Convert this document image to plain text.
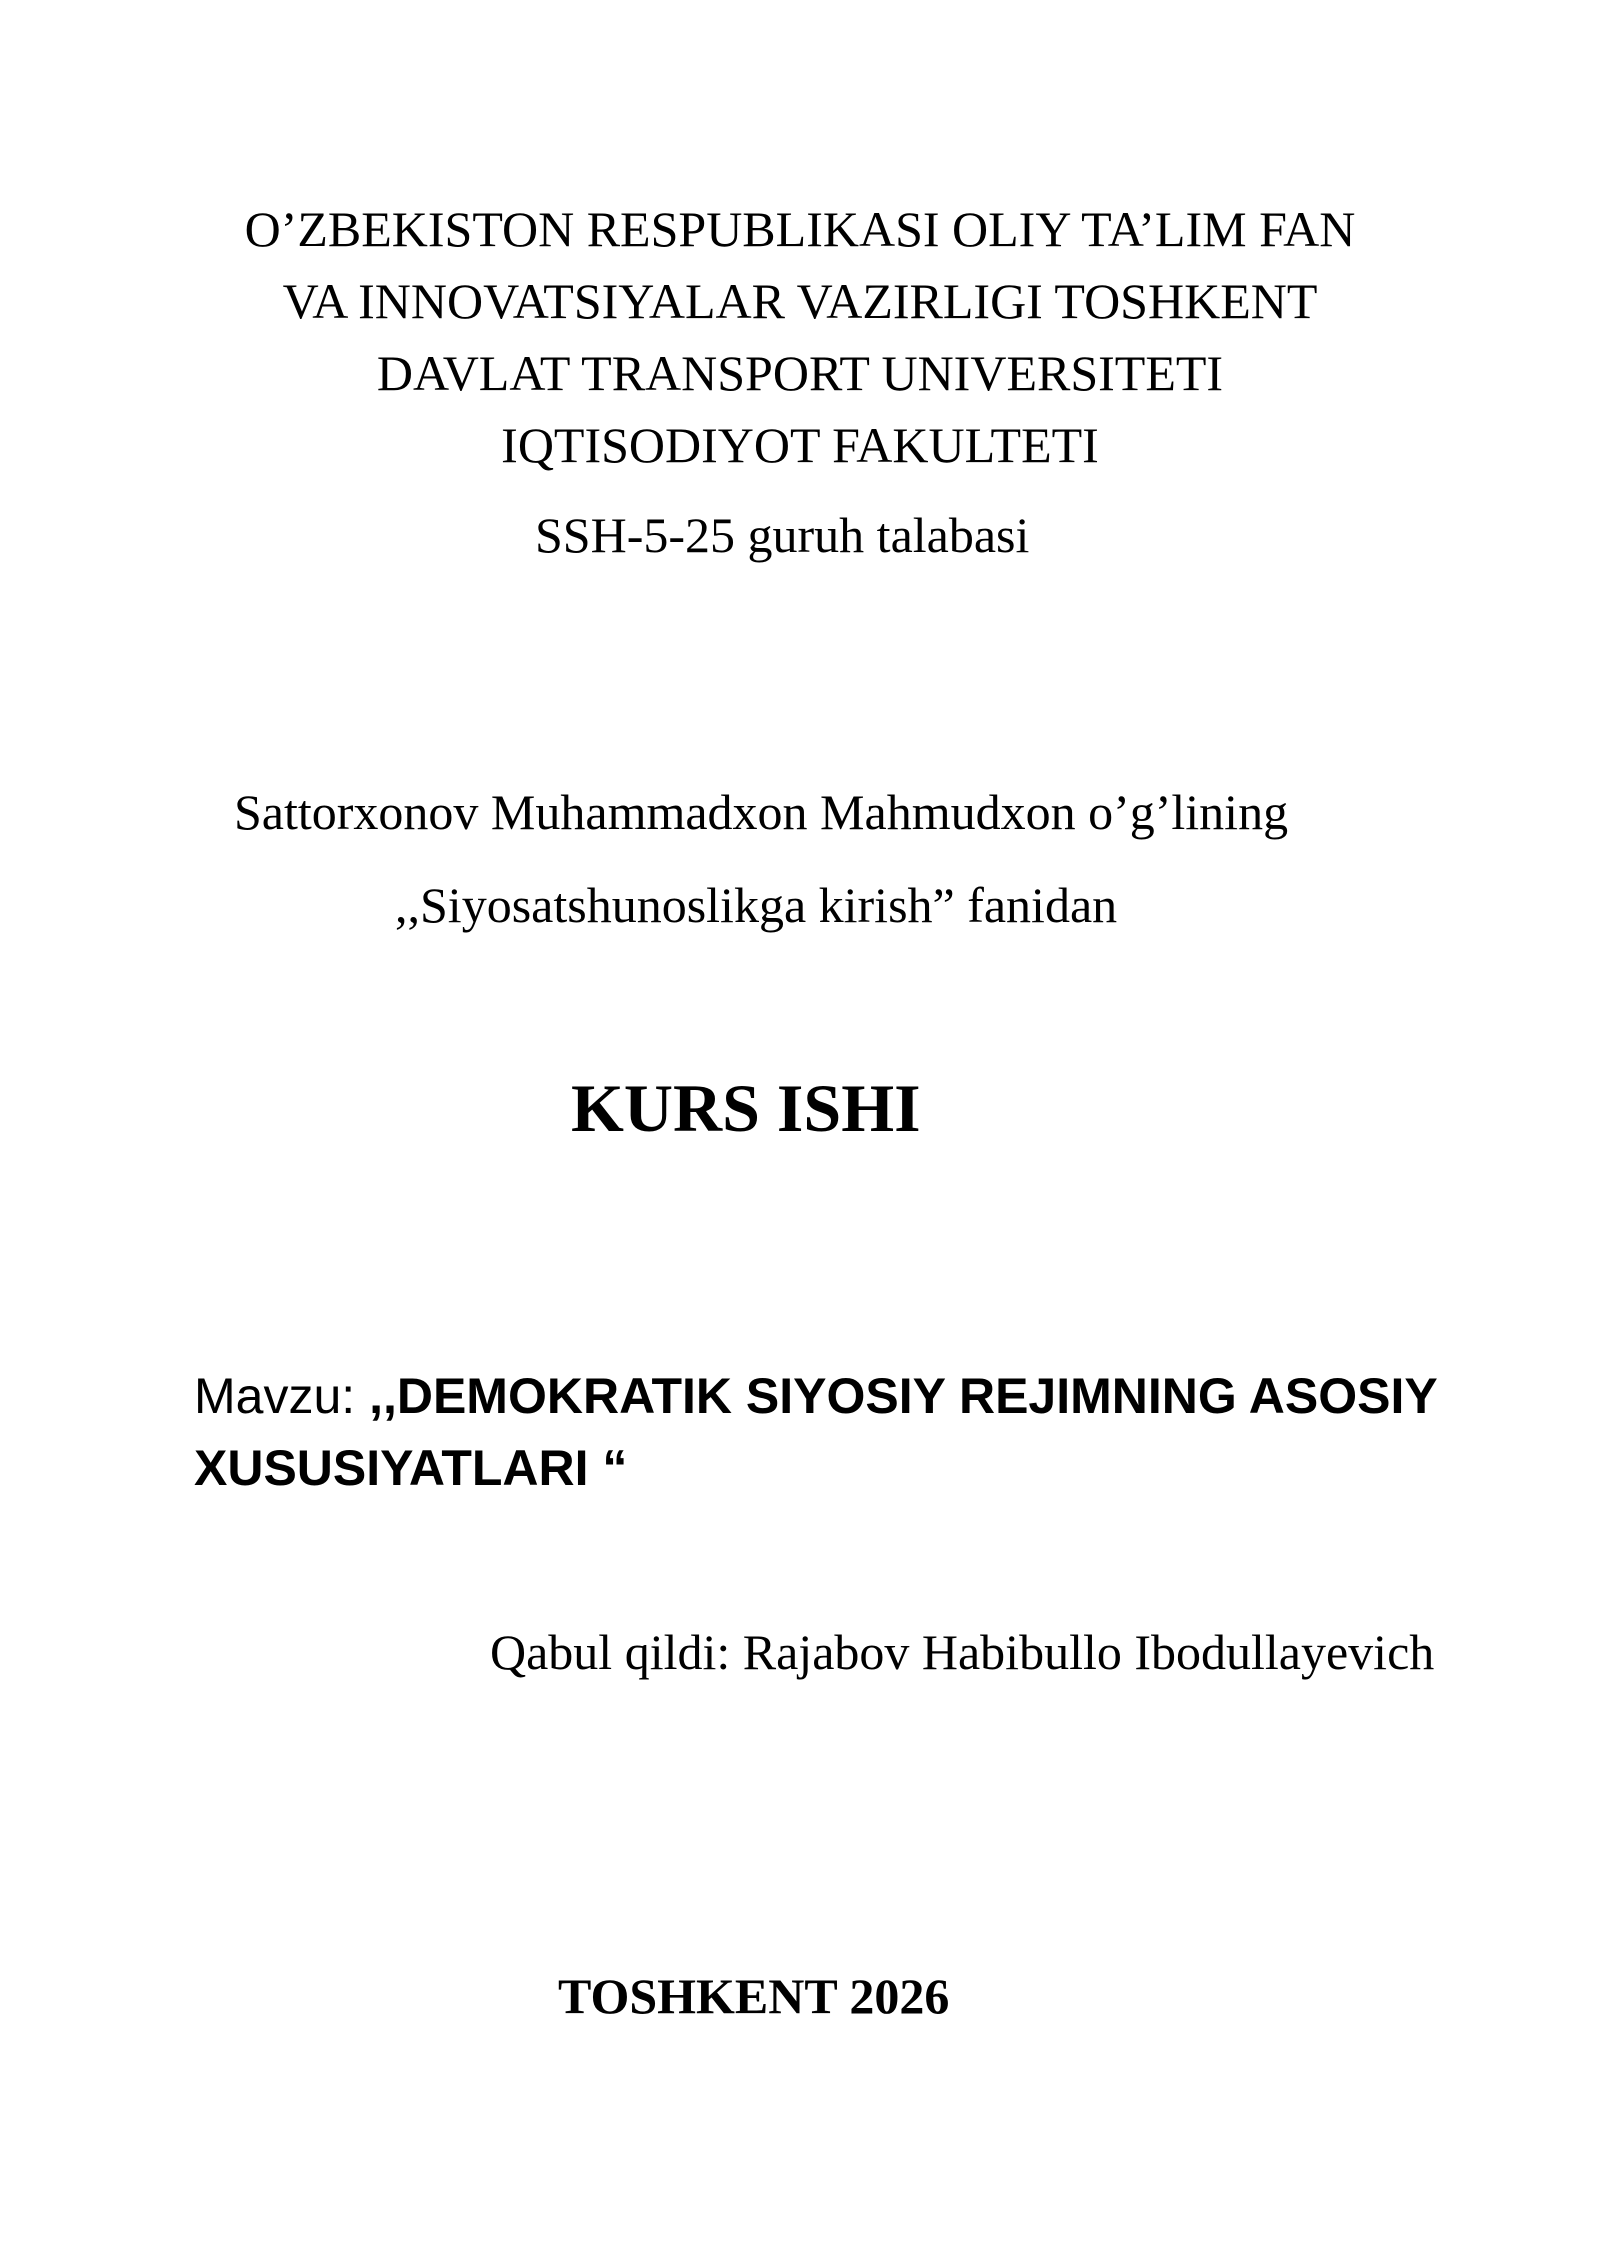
O’ZBEKISTON RESPUBLIKASI OLIY TA’LIM FAN
VA INNOVATSIYALAR VAZIRLIGI TOSHKENT
DAVLAT TRANSPORT UNIVERSITETI
IQTISODIYOT FAKULTETI
SSH-5-25 guruh talabasi
Sattorxonov Muhammadxon Mahmudxon o’g’lining
,,Siyosatshunoslikga kirish” fanidan
KURS ISHI
Mavzu: ,,DEMOKRATIK SIYOSIY REJIMNING ASOSIY XUSUSIYATLARI “
Qabul qildi: Rajabov Habibullo Ibodullayevich
TOSHKENT 2026
